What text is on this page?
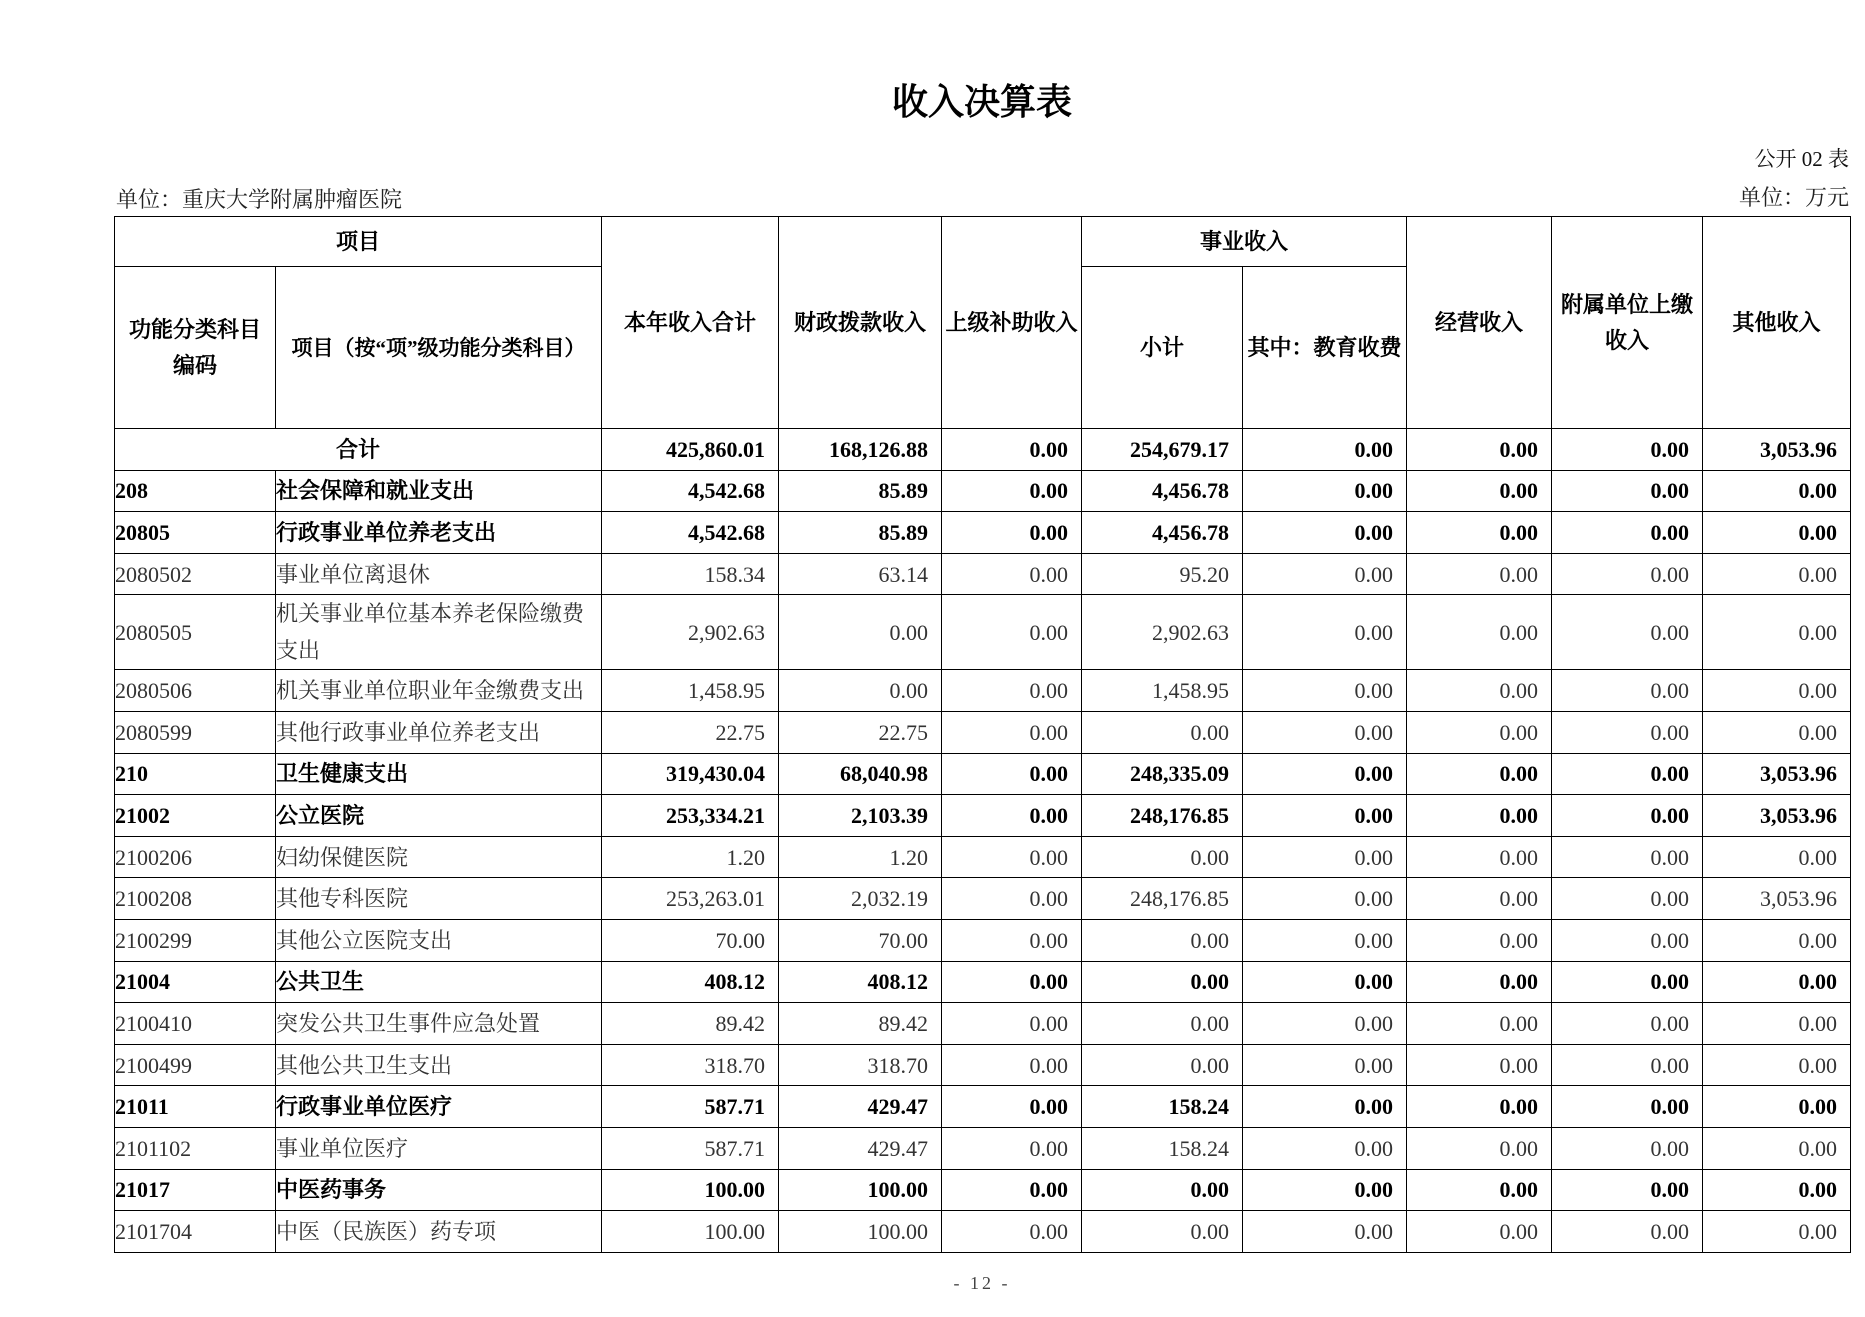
收入决算表
公开 02 表
单位：重庆大学附属肿瘤医院	单位：万元
项目		本年收入合计	财政拨款收入	上级补助收入	事业收入		经营收入	附属单位上缴收入	其他收入
功能分类科目编码	项目（按“项”级功能分类科目）				小计	其中：教育收费			
合计		425,860.01	168,126.88	0.00	254,679.17	0.00	0.00	0.00	3,053.96
208	社会保障和就业支出	4,542.68	85.89	0.00	4,456.78	0.00	0.00	0.00	0.00
20805	行政事业单位养老支出	4,542.68	85.89	0.00	4,456.78	0.00	0.00	0.00	0.00
2080502	事业单位离退休	158.34	63.14	0.00	95.20	0.00	0.00	0.00	0.00
2080505	机关事业单位基本养老保险缴费支出	2,902.63	0.00	0.00	2,902.63	0.00	0.00	0.00	0.00
2080506	机关事业单位职业年金缴费支出	1,458.95	0.00	0.00	1,458.95	0.00	0.00	0.00	0.00
2080599	其他行政事业单位养老支出	22.75	22.75	0.00	0.00	0.00	0.00	0.00	0.00
210	卫生健康支出	319,430.04	68,040.98	0.00	248,335.09	0.00	0.00	0.00	3,053.96
21002	公立医院	253,334.21	2,103.39	0.00	248,176.85	0.00	0.00	0.00	3,053.96
2100206	妇幼保健医院	1.20	1.20	0.00	0.00	0.00	0.00	0.00	0.00
2100208	其他专科医院	253,263.01	2,032.19	0.00	248,176.85	0.00	0.00	0.00	3,053.96
2100299	其他公立医院支出	70.00	70.00	0.00	0.00	0.00	0.00	0.00	0.00
21004	公共卫生	408.12	408.12	0.00	0.00	0.00	0.00	0.00	0.00
2100410	突发公共卫生事件应急处置	89.42	89.42	0.00	0.00	0.00	0.00	0.00	0.00
2100499	其他公共卫生支出	318.70	318.70	0.00	0.00	0.00	0.00	0.00	0.00
21011	行政事业单位医疗	587.71	429.47	0.00	158.24	0.00	0.00	0.00	0.00
2101102	事业单位医疗	587.71	429.47	0.00	158.24	0.00	0.00	0.00	0.00
21017	中医药事务	100.00	100.00	0.00	0.00	0.00	0.00	0.00	0.00
2101704	中医（民族医）药专项	100.00	100.00	0.00	0.00	0.00	0.00	0.00	0.00
- 12 -
